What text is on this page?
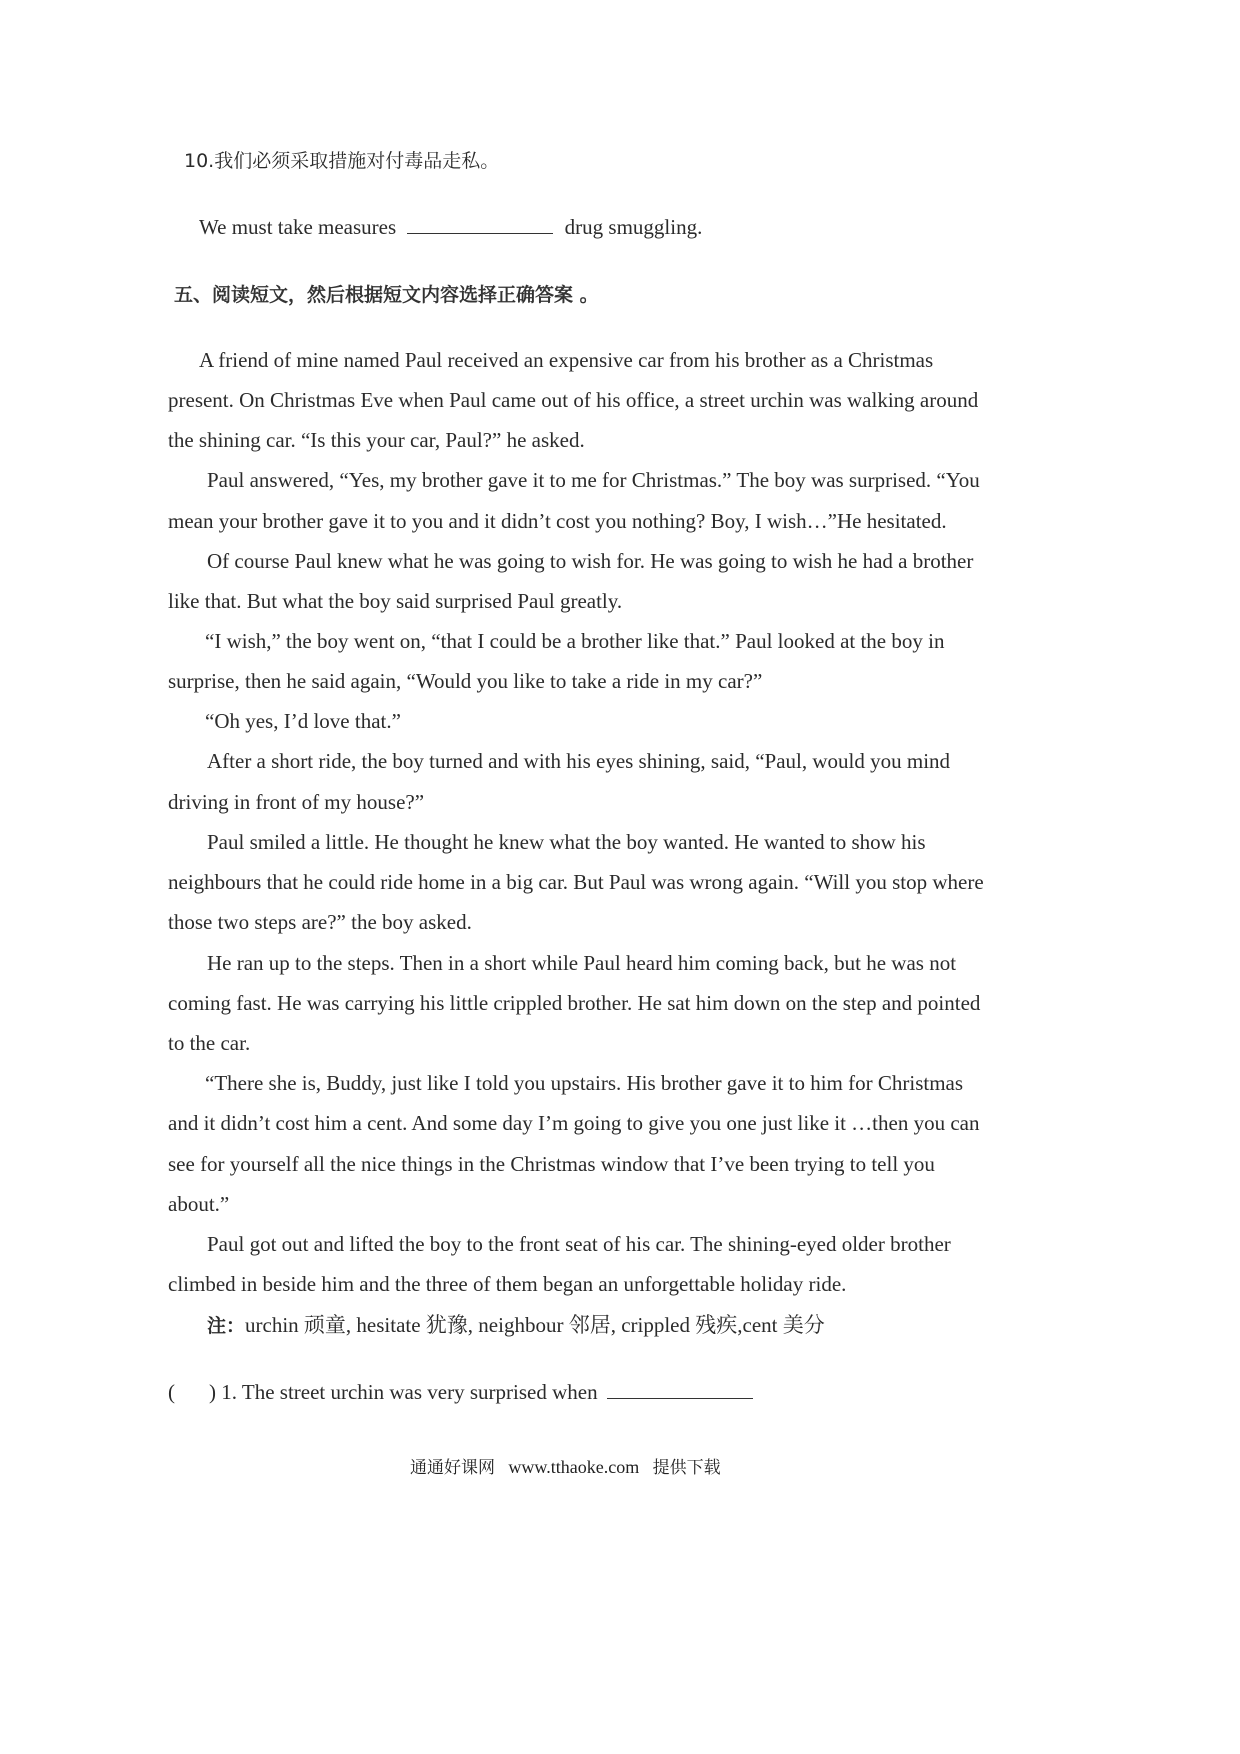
10.我们必须采取措施对付毒品走私。
We must take measures	drug smuggling.
五、阅读短文，然后根据短文内容选择正确答案 。
A friend of mine named Paul received an expensive car from his brother as a Christmas
present. On Christmas Eve when Paul came out of his office, a street urchin was walking around
the shining car. “Is this your car, Paul?” he asked.
Paul answered, “Yes, my brother gave it to me for Christmas.” The boy was surprised. “You
mean your brother gave it to you and it didn’t cost you nothing? Boy, I wish…”He hesitated.
Of course Paul knew what he was going to wish for. He was going to wish he had a brother
like that. But what the boy said surprised Paul greatly.
“I wish,” the boy went on, “that I could be a brother like that.” Paul looked at the boy in
surprise, then he said again, “Would you like to take a ride in my car?”
“Oh yes, I’d love that.”
After a short ride, the boy turned and with his eyes shining, said, “Paul, would you mind
driving in front of my house?”
Paul smiled a little. He thought he knew what the boy wanted. He wanted to show his
neighbours that he could ride home in a big car. But Paul was wrong again. “Will you stop where
those two steps are?” the boy asked.
He ran up to the steps. Then in a short while Paul heard him coming back, but he was not
coming fast. He was carrying his little crippled brother. He sat him down on the step and pointed
to the car.
“There she is, Buddy, just like I told you upstairs. His brother gave it to him for Christmas
and it didn’t cost him a cent. And some day I’m going to give you one just like it …then you can
see for yourself all the nice things in the Christmas window that I’ve been trying to tell you
about.”
Paul got out and lifted the boy to the front seat of his car. The shining-eyed older brother
climbed in beside him and the three of them began an unforgettable holiday ride.
注：urchin 顽童, hesitate 犹豫, neighbour 邻居, crippled 残疾,cent 美分
( ) 1. The street urchin was very surprised when
通通好课网 www.tthaoke.com 提供下载
